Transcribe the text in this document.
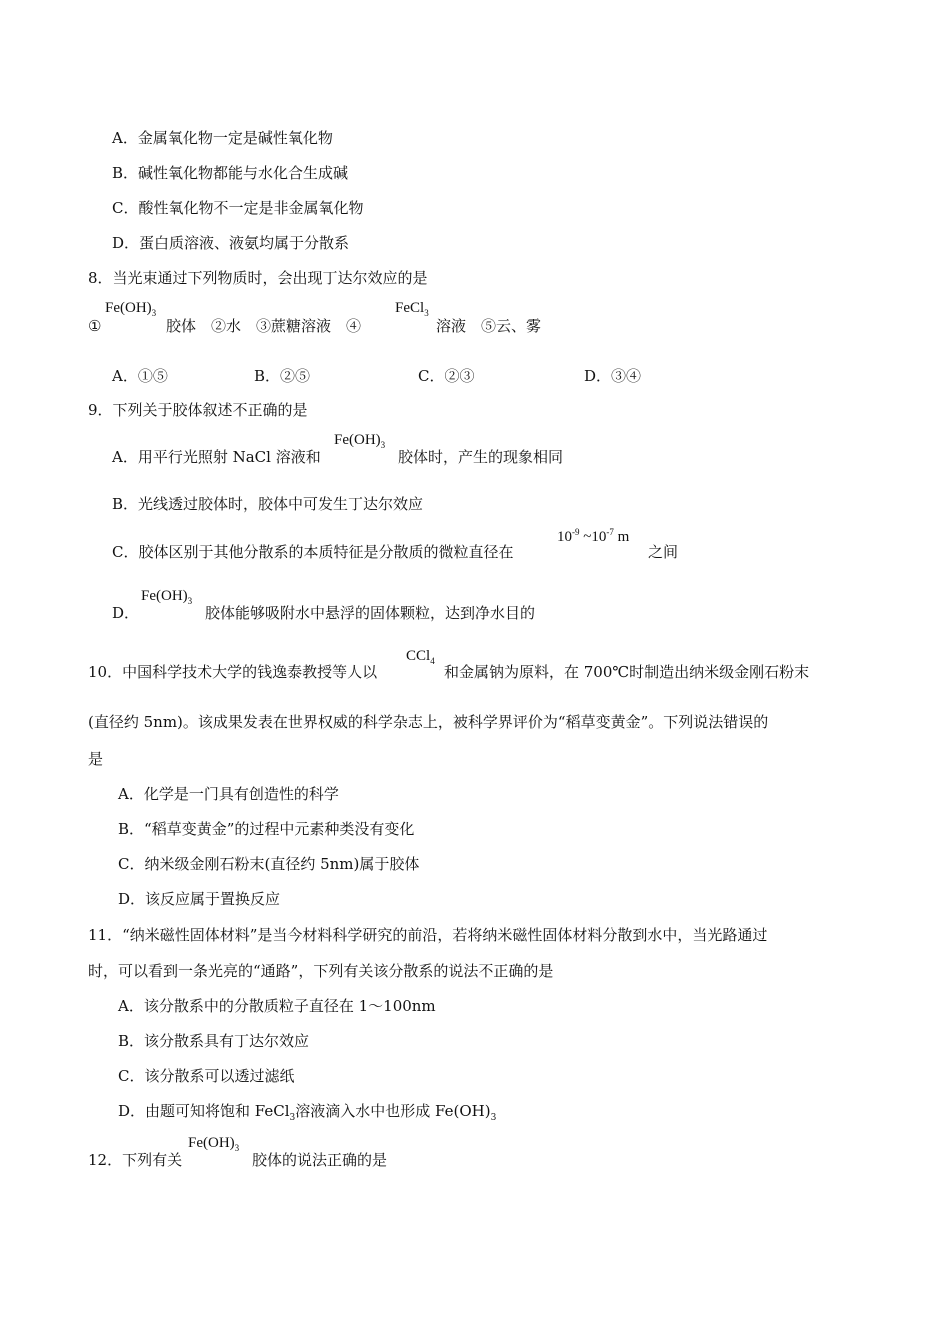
A．金属氧化物一定是碱性氧化物
B．碱性氧化物都能与水化合生成碱
C．酸性氧化物不一定是非金属氧化物
D．蛋白质溶液、液氨均属于分散系
8．当光束通过下列物质时，会出现丁达尔效应的是
①
$Fe(OH)_3$
胶体　②水　③蔗糖溶液　④
FeCl$_3$
溶液　⑤云、雾
A．①⑤	B．②⑤	C．②③	D．③④
9．下列关于胶体叙述不正确的是
A．用平行光照射 NaCl 溶液和
$Fe(OH)_3$
胶体时，产生的现象相同
B．光线透过胶体时，胶体中可发生丁达尔效应
C．胶体区别于其他分散系的本质特征是分散质的微粒直径在
$10^{-9}$ $\sim 10^{-7}$ m
之间
D．
$Fe(OH)_3$
胶体能够吸附水中悬浮的固体颗粒，达到净水目的
10．中国科学技术大学的钱逸泰教授等人以
CCl$_4$
和金属钠为原料，在 700℃时制造出纳米级金刚石粉末
(直径约 5nm)。该成果发表在世界权威的科学杂志上，被科学界评价为“稻草变黄金”。下列说法错误的
是
A．化学是一门具有创造性的科学
B．“稻草变黄金”的过程中元素种类没有变化
C．纳米级金刚石粉末(直径约 5nm)属于胶体
D．该反应属于置换反应
11．“纳米磁性固体材料”是当今材料科学研究的前沿，若将纳米磁性固体材料分散到水中，当光路通过
时，可以看到一条光亮的“通路”，下列有关该分散系的说法不正确的是
A．该分散系中的分散质粒子直径在 1～100nm
B．该分散系具有丁达尔效应
C．该分散系可以透过滤纸
D．由题可知将饱和 FeCl$_3$溶液滴入水中也形成 $Fe(OH)_3$
12．下列有关
$Fe(OH)_3$
胶体的说法正确的是
